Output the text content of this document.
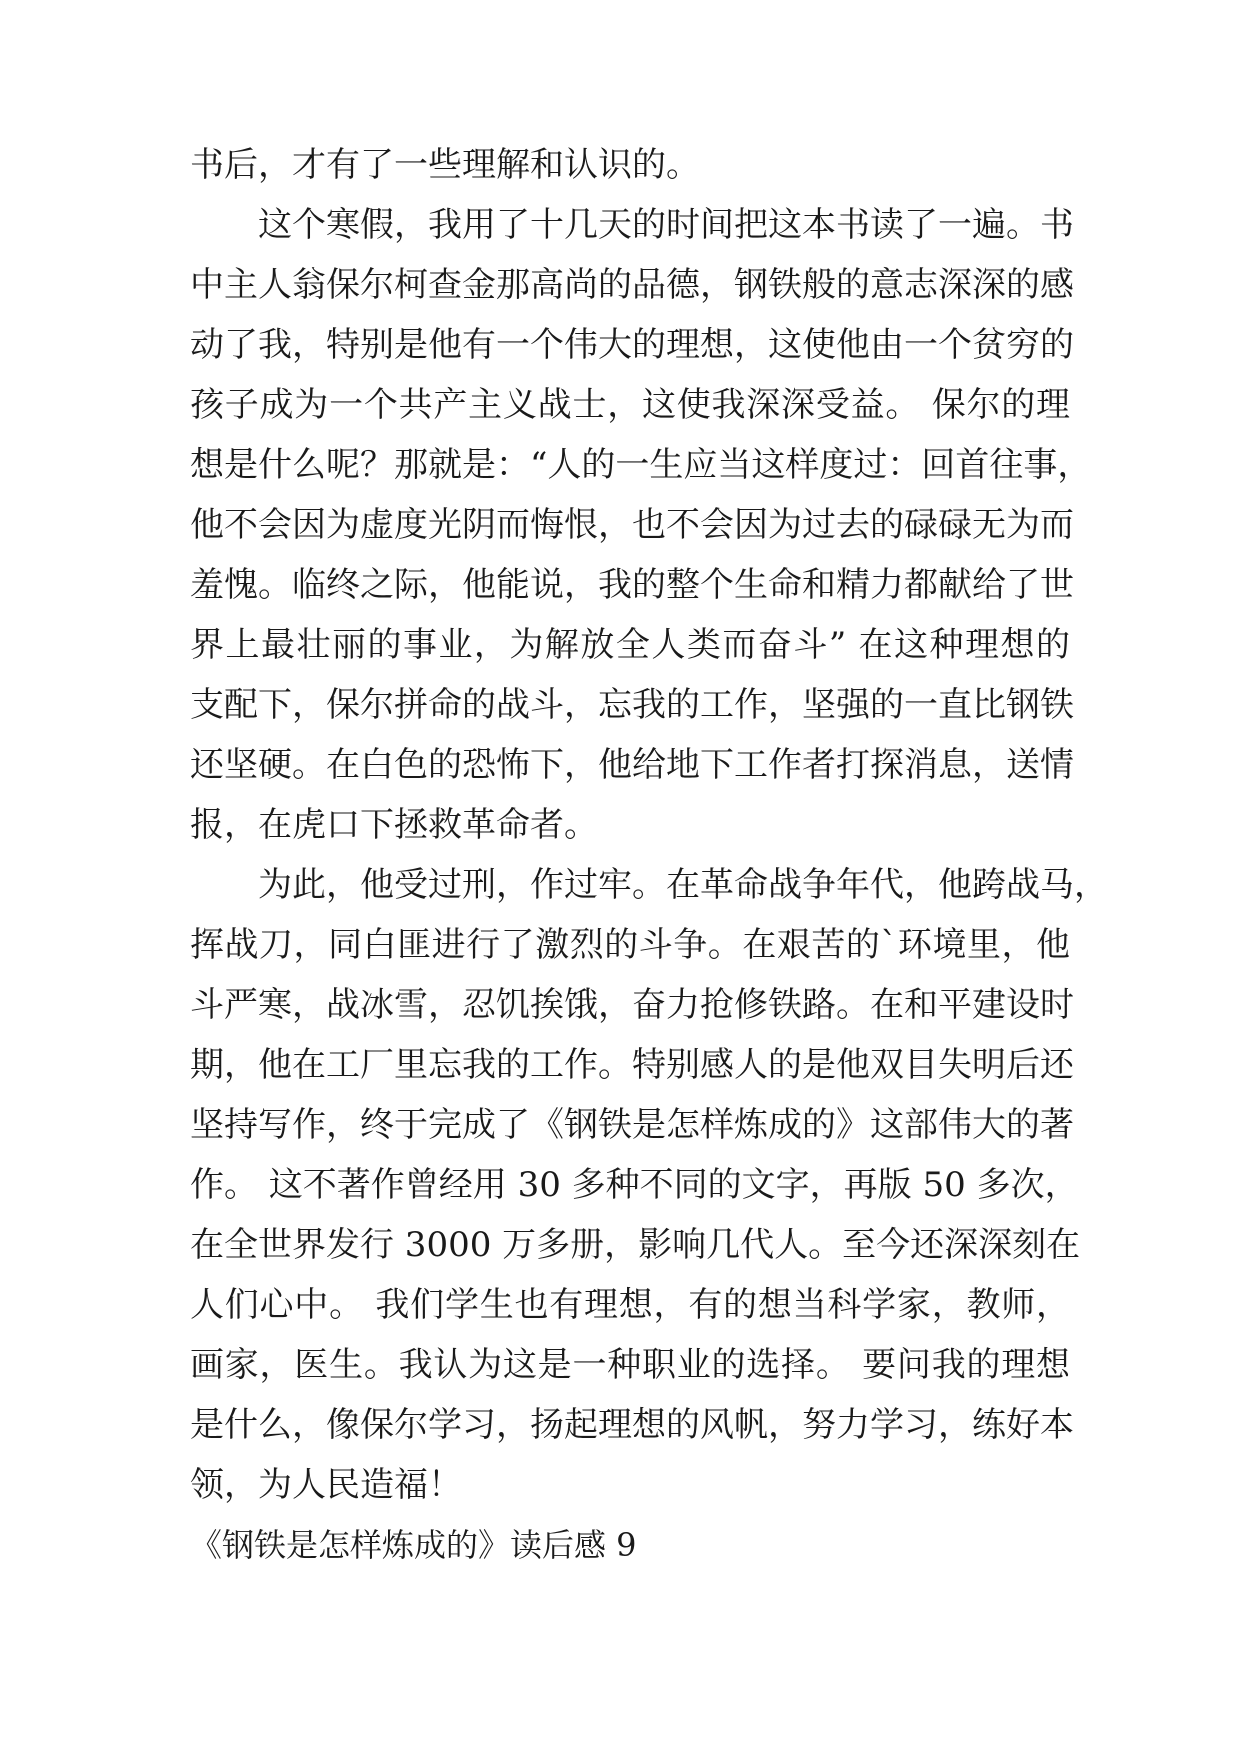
书后，才有了一些理解和认识的。
这个寒假，我用了十几天的时间把这本书读了一遍。书
中主人翁保尔柯查金那高尚的品德，钢铁般的意志深深的感
动了我，特别是他有一个伟大的理想，这使他由一个贫穷的
孩子成为一个共产主义战士，这使我深深受益。 保尔的理
想是什么呢？那就是：“人的一生应当这样度过：回首往事，
他不会因为虚度光阴而悔恨，也不会因为过去的碌碌无为而
羞愧。临终之际，他能说，我的整个生命和精力都献给了世
界上最壮丽的事业，为解放全人类而奋斗” 在这种理想的
支配下，保尔拼命的战斗，忘我的工作，坚强的一直比钢铁
还坚硬。在白色的恐怖下，他给地下工作者打探消息，送情
报，在虎口下拯救革命者。
为此，他受过刑，作过牢。在革命战争年代，他跨战马，
挥战刀，同白匪进行了激烈的斗争。在艰苦的`环境里，他
斗严寒，战冰雪，忍饥挨饿，奋力抢修铁路。在和平建设时
期，他在工厂里忘我的工作。特别感人的是他双目失明后还
坚持写作，终于完成了《钢铁是怎样炼成的》这部伟大的著
作。 这不著作曾经用 30 多种不同的文字，再版 50 多次，
在全世界发行 3000 万多册，影响几代人。至今还深深刻在
人们心中。 我们学生也有理想，有的想当科学家，教师，
画家，医生。我认为这是一种职业的选择。 要问我的理想
是什么，像保尔学习，扬起理想的风帆，努力学习，练好本
领，为人民造福！
《钢铁是怎样炼成的》读后感 9
